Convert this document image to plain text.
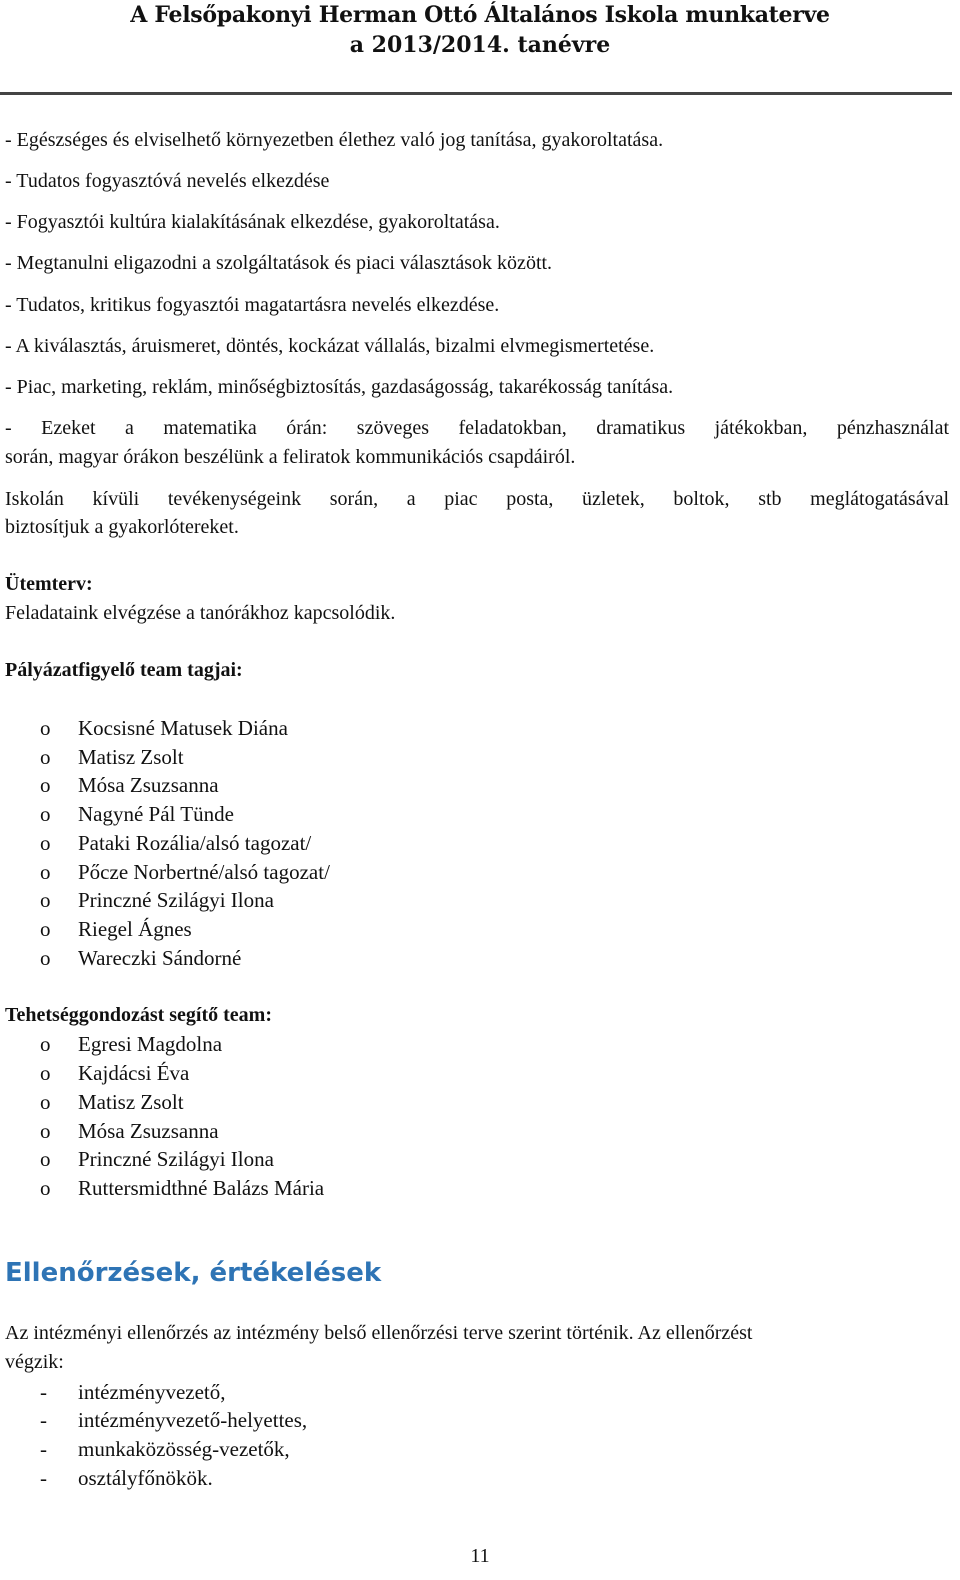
A Felsőpakonyi Herman Ottó Általános Iskola munkaterve
a 2013/2014. tanévre
- Egészséges és elviselhető környezetben élethez való jog tanítása, gyakoroltatása.
- Tudatos fogyasztóvá nevelés elkezdése
- Fogyasztói kultúra kialakításának elkezdése, gyakoroltatása.
- Megtanulni eligazodni a szolgáltatások és piaci választások között.
- Tudatos, kritikus fogyasztói magatartásra nevelés elkezdése.
- A kiválasztás, áruismeret, döntés, kockázat vállalás, bizalmi elvmegismertetése.
- Piac, marketing, reklám, minőségbiztosítás, gazdaságosság, takarékosság tanítása.
- Ezeket a matematika órán: szöveges feladatokban, dramatikus játékokban, pénzhasználat
során, magyar órákon beszélünk a feliratok kommunikációs csapdáiról.
Iskolán kívüli tevékenységeink során, a piac posta, üzletek, boltok, stb meglátogatásával
biztosítjuk a gyakorlótereket.
Ütemterv:
Feladataink elvégzése a tanórákhoz kapcsolódik.
Pályázatfigyelő team tagjai:
o Kocsisné Matusek Diána
o Matisz Zsolt
o Mósa Zsuzsanna
o Nagyné Pál Tünde
o Pataki Rozália/alsó tagozat/
o Pőcze Norbertné/alsó tagozat/
o Princzné Szilágyi Ilona
o Riegel Ágnes
o Wareczki Sándorné
Tehetséggondozást segítő team:
o Egresi Magdolna
o Kajdácsi Éva
o Matisz Zsolt
o Mósa Zsuzsanna
o Princzné Szilágyi Ilona
o Ruttersmidthné Balázs Mária
Ellenőrzések, értékelések
Az intézményi ellenőrzés az intézmény belső ellenőrzési terve szerint történik. Az ellenőrzést
végzik:
- intézményvezető,
- intézményvezető-helyettes,
- munkaközösség-vezetők,
- osztályfőnökök.
11
